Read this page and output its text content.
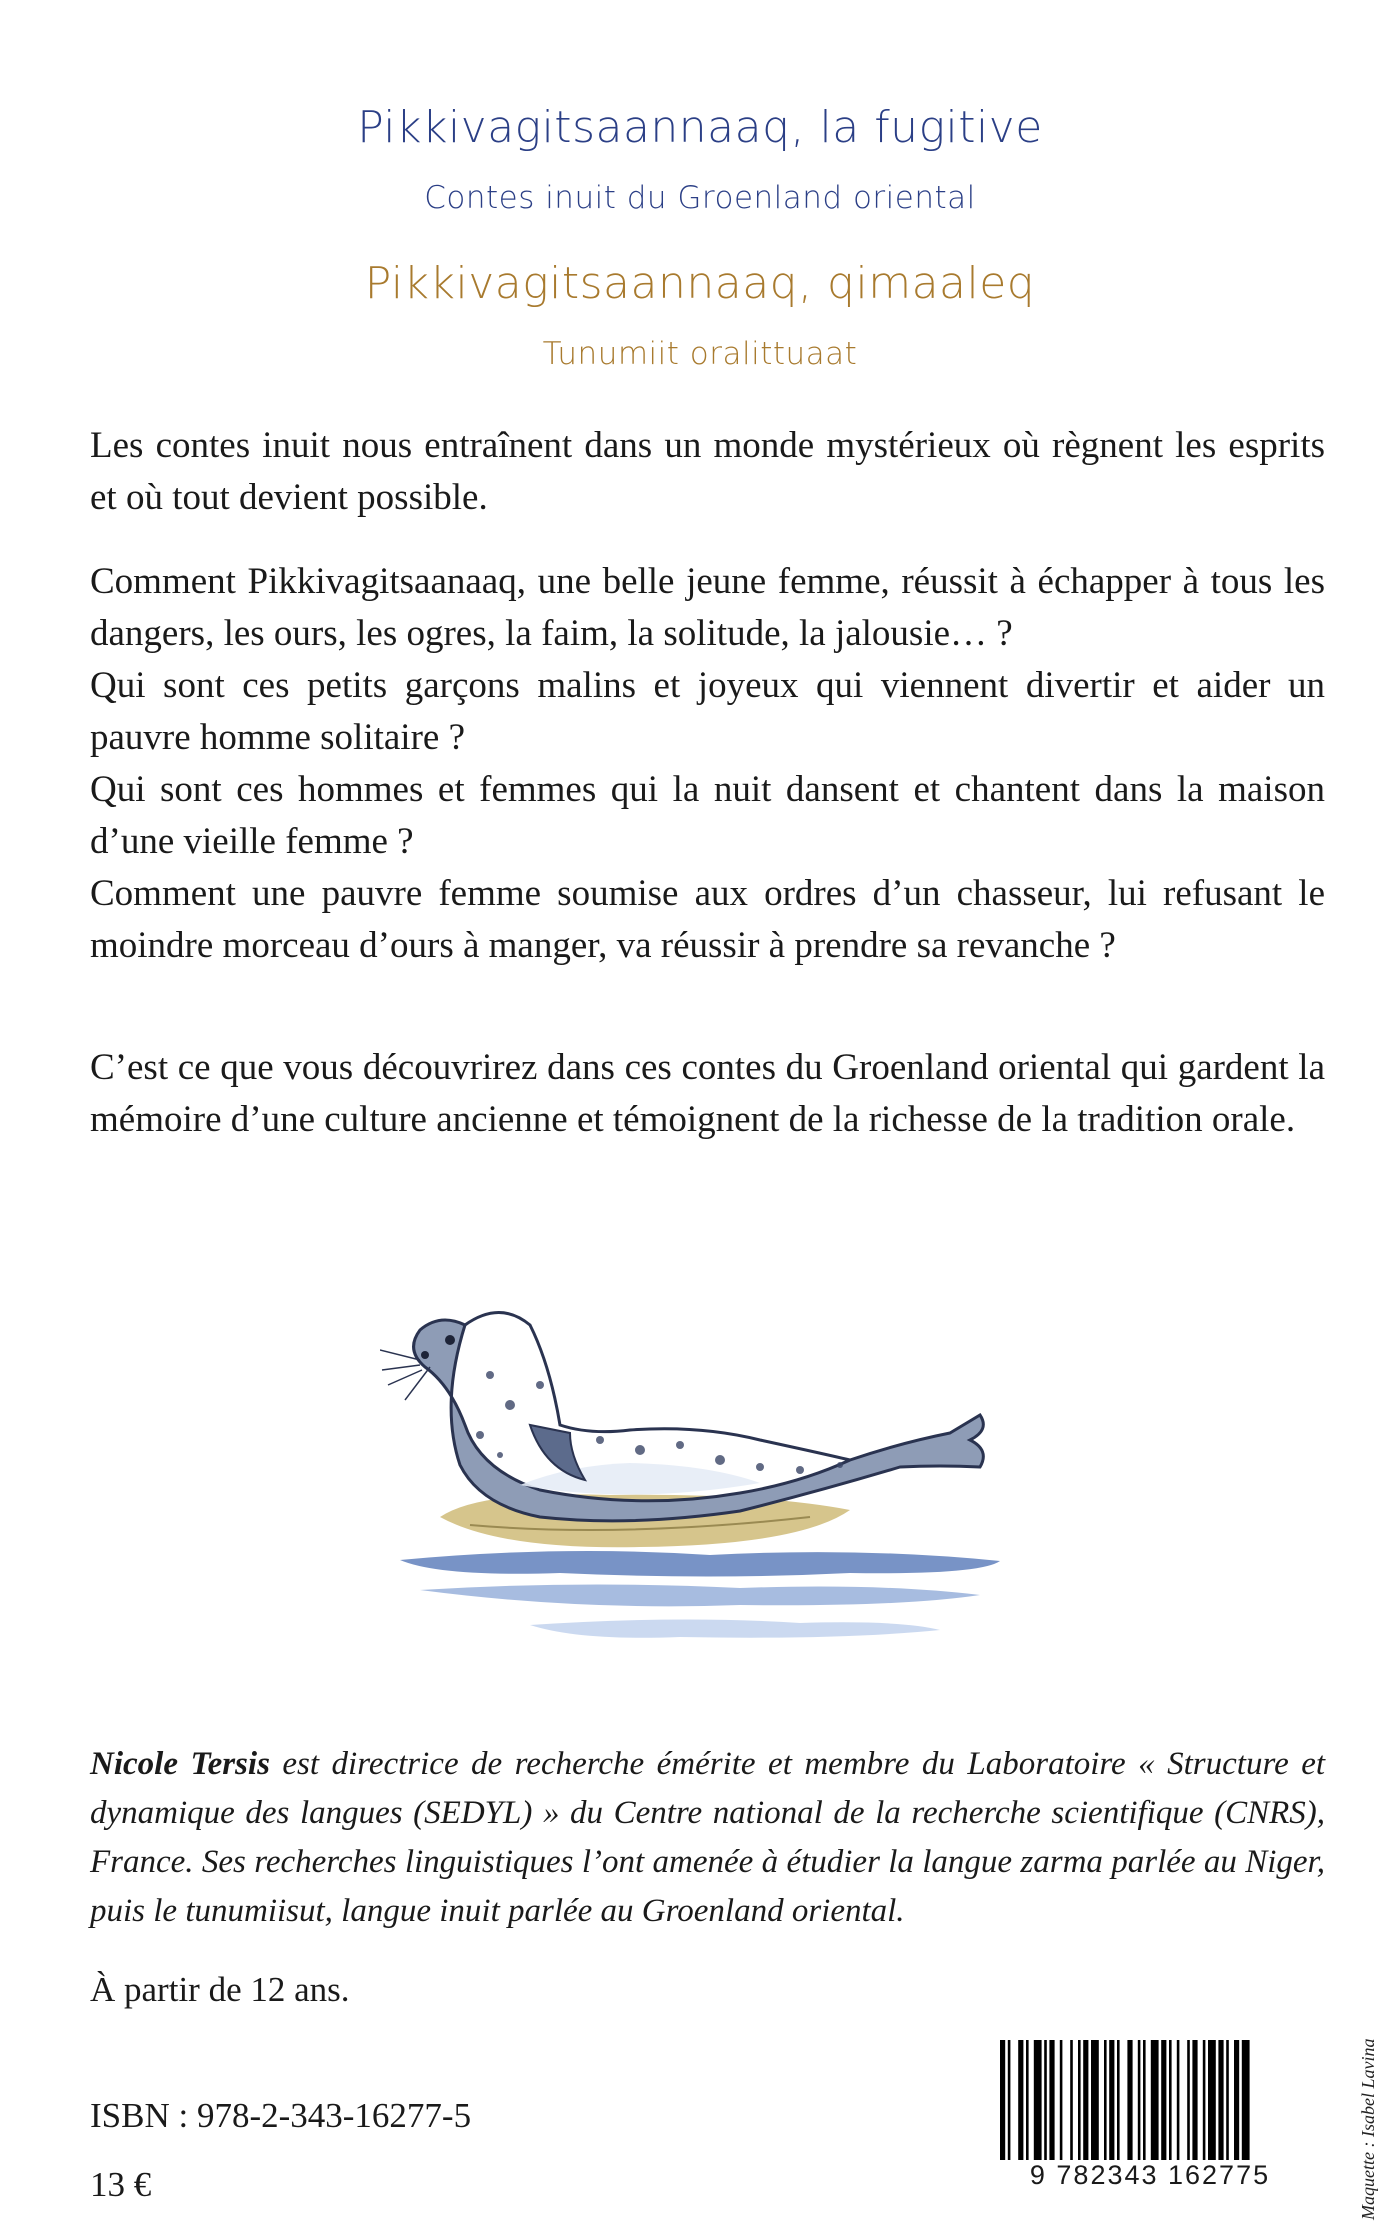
Pikkivagitsaannaaq, la fugitive
Contes inuit du Groenland oriental
Pikkivagitsaannaaq, qimaaleq
Tunumiit oralittuaat

Les contes inuit nous entraînent dans un monde mystérieux où règnent les esprits et où tout devient possible.

Comment Pikkivagitsaanaaq, une belle jeune femme, réussit à échapper à tous les dangers, les ours, les ogres, la faim, la solitude, la jalousie… ?

Qui sont ces petits garçons malins et joyeux qui viennent divertir et aider un pauvre homme solitaire ?

Qui sont ces hommes et femmes qui la nuit dansent et chantent dans la maison d’une vieille femme ?

Comment une pauvre femme soumise aux ordres d’un chasseur, lui refusant le moindre morceau d’ours à manger, va réussir à prendre sa revanche ?

C’est ce que vous découvrirez dans ces contes du Groenland oriental qui gardent la mémoire d’une culture ancienne et témoignent de la richesse de la tradition orale.

Nicole Tersis est directrice de recherche émérite et membre du Laboratoire « Structure et dynamique des langues (SEDYL) » du Centre national de la recherche scientifique (CNRS), France. Ses recherches linguistiques l’ont amenée à étudier la langue zarma parlée au Niger, puis le tunumiisut, langue inuit parlée au Groenland oriental.
À partir de 12 ans.
ISBN : 978-2-343-16277-5
13 €	9 782343 162775	Maquette : Isabel Lavina
